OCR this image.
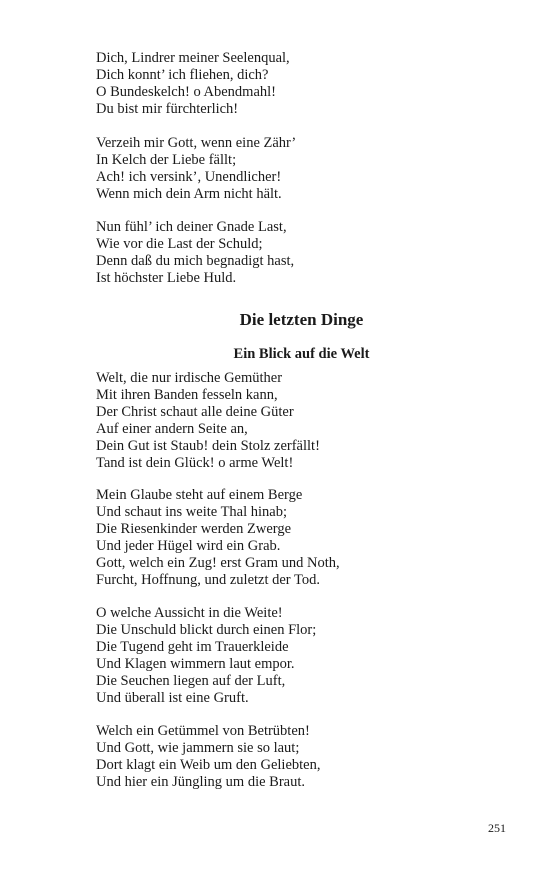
Dich, Lindrer meiner Seelenqual,
Dich konnt’ ich fliehen, dich?
O Bundeskelch! o Abendmahl!
Du bist mir fürchterlich!
Verzeih mir Gott, wenn eine Zähr’
In Kelch der Liebe fällt;
Ach! ich versink’, Unendlicher!
Wenn mich dein Arm nicht hält.
Nun fühl’ ich deiner Gnade Last,
Wie vor die Last der Schuld;
Denn daß du mich begnadigt hast,
Ist höchster Liebe Huld.
Die letzten Dinge
Ein Blick auf die Welt
Welt, die nur irdische Gemüther
Mit ihren Banden fesseln kann,
Der Christ schaut alle deine Güter
Auf einer andern Seite an,
Dein Gut ist Staub! dein Stolz zerfällt!
Tand ist dein Glück! o arme Welt!
Mein Glaube steht auf einem Berge
Und schaut ins weite Thal hinab;
Die Riesenkinder werden Zwerge
Und jeder Hügel wird ein Grab.
Gott, welch ein Zug! erst Gram und Noth,
Furcht, Hoffnung, und zuletzt der Tod.
O welche Aussicht in die Weite!
Die Unschuld blickt durch einen Flor;
Die Tugend geht im Trauerkleide
Und Klagen wimmern laut empor.
Die Seuchen liegen auf der Luft,
Und überall ist eine Gruft.
Welch ein Getümmel von Betrübten!
Und Gott, wie jammern sie so laut;
Dort klagt ein Weib um den Geliebten,
Und hier ein Jüngling um die Braut.
251
